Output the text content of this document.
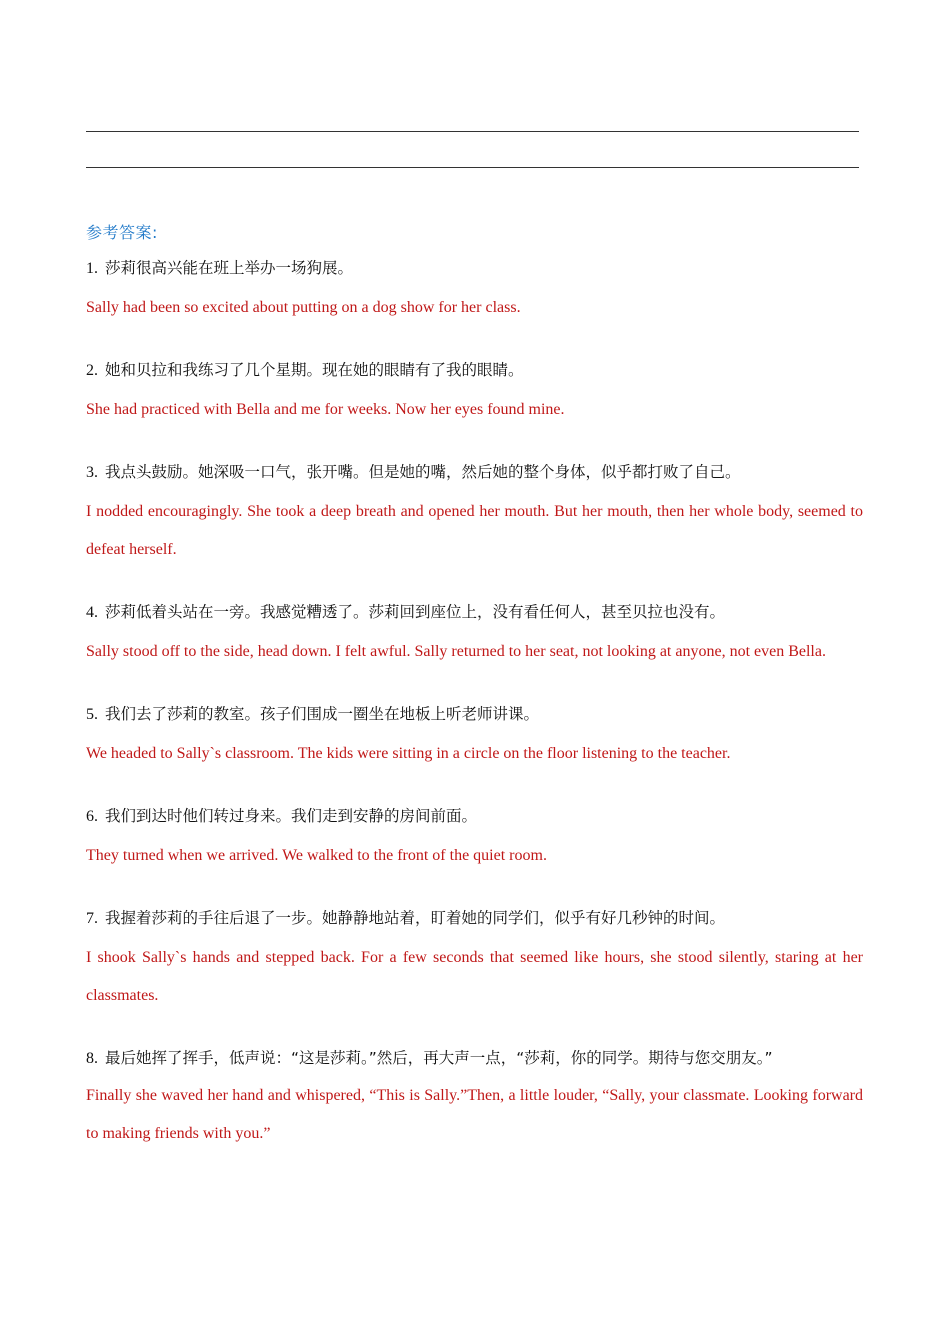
参考答案:
1. 莎莉很高兴能在班上举办一场狗展。
Sally had been so excited about putting on a dog show for her class.
2. 她和贝拉和我练习了几个星期。现在她的眼睛有了我的眼睛。
She had practiced with Bella and me for weeks. Now her eyes found mine.
3. 我点头鼓励。她深吸一口气，张开嘴。但是她的嘴，然后她的整个身体，似乎都打败了自己。
I nodded encouragingly. She took a deep breath and opened her mouth. But her mouth, then her whole body, seemed to defeat herself.
4. 莎莉低着头站在一旁。我感觉糟透了。莎莉回到座位上，没有看任何人，甚至贝拉也没有。
Sally stood off to the side, head down. I felt awful. Sally returned to her seat, not looking at anyone, not even Bella.
5. 我们去了莎莉的教室。孩子们围成一圈坐在地板上听老师讲课。
We headed to Sally`s classroom. The kids were sitting in a circle on the floor listening to the teacher.
6. 我们到达时他们转过身来。我们走到安静的房间前面。
They turned when we arrived. We walked to the front of the quiet room.
7. 我握着莎莉的手往后退了一步。她静静地站着，盯着她的同学们，似乎有好几秒钟的时间。
I shook Sally`s hands and stepped back. For a few seconds that seemed like hours, she stood silently, staring at her classmates.
8. 最后她挥了挥手，低声说：“这是莎莉。”然后，再大声一点，“莎莉，你的同学。期待与您交朋友。”
Finally she waved her hand and whispered, “This is Sally.”Then, a little louder, “Sally, your classmate. Looking forward to making friends with you.”
